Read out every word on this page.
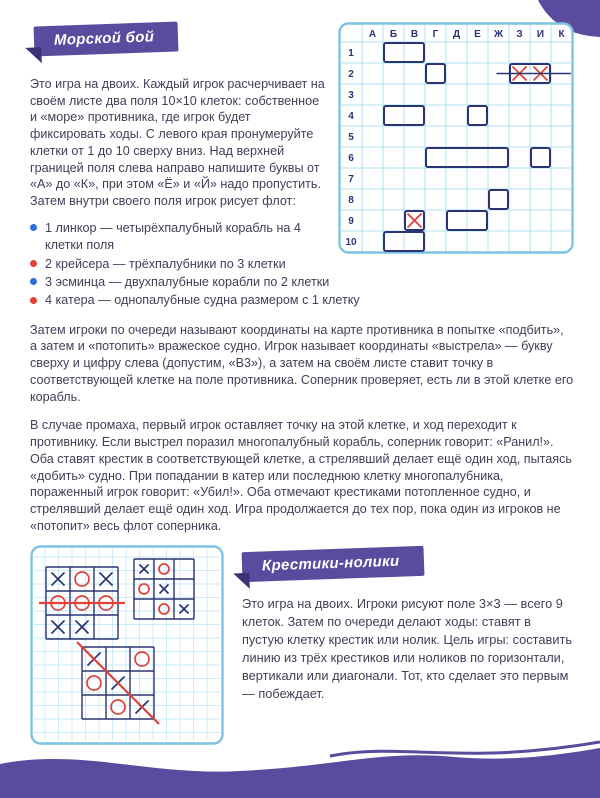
А Б В Г Д Е Ж З И К
1
2
3
4
5
6
7
8
9
10
Морской бой

Это игра на двоих. Каждый игрок расчерчивает на своём листе два поля 10×10 клеток: собственное и «море» противника, где игрок будет фиксировать ходы. С левого края пронумеруйте клетки от 1 до 10 сверху вниз. Над верхней границей поля слева направо напишите буквы от «А» до «К», при этом «Ё» и «Й» надо пропустить. Затем внутри своего поля игрок рисует флот:

1 линкор — четырёхпалубный корабль на 4 клетки поля
2 крейсера — трёхпалубники по 3 клетки
3 эсминца — двухпалубные корабли по 2 клетки
4 катера — однопалубные судна размером с 1 клетку

Затем игроки по очереди называют координаты на карте противника в попытке «подбить», а затем и «потопить» вражеское судно. Игрок называет координаты «выстрела» — букву сверху и цифру слева (допустим, «В3»), а затем на своём листе ставит точку в соответствующей клетке на поле противника. Соперник проверяет, есть ли в этой клетке его корабль.

В случае промаха, первый игрок оставляет точку на этой клетке, и ход переходит к противнику. Если выстрел поразил многопалубный корабль, соперник говорит: «Ранил!». Оба ставят крестик в соответствующей клетке, а стрелявший делает ещё один ход, пытаясь «добить» судно. При попадании в катер или последнюю клетку многопалубника, пораженный игрок говорит: «Убил!». Оба отмечают крестиками потопленное судно, и стрелявший делает ещё один ход. Игра продолжается до тех пор, пока один из игроков не «потопит» весь флот соперника.

Крестики-нолики

Это игра на двоих. Игроки рисуют поле 3×3 — всего 9 клеток. Затем по очереди делают ходы: ставят в пустую клетку крестик или нолик. Цель игры: составить линию из трёх крестиков или ноликов по горизонтали, вертикали или диагонали. Тот, кто сделает это первым — побеждает.
